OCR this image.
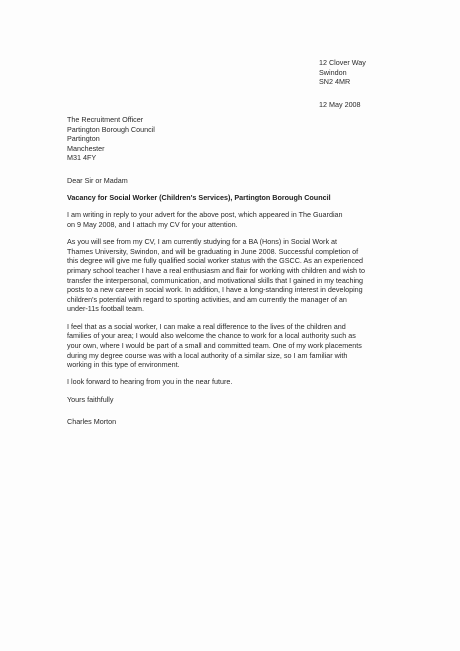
12 Clover Way
Swindon
SN2 4MR
12 May 2008
The Recruitment Officer
Partington Borough Council
Partington
Manchester
M31 4FY
Dear Sir or Madam
Vacancy for Social Worker (Children's Services), Partington Borough Council
I am writing in reply to your advert for the above post, which appeared in The Guardian
on 9 May 2008, and I attach my CV for your attention.
As you will see from my CV, I am currently studying for a BA (Hons) in Social Work at
Thames University, Swindon, and will be graduating in June 2008. Successful completion of
this degree will give me fully qualified social worker status with the GSCC. As an experienced
primary school teacher I have a real enthusiasm and flair for working with children and wish to
transfer the interpersonal, communication, and motivational skills that I gained in my teaching
posts to a new career in social work. In addition, I have a long-standing interest in developing
children's potential with regard to sporting activities, and am currently the manager of an
under-11s football team.
I feel that as a social worker, I can make a real difference to the lives of the children and
families of your area; I would also welcome the chance to work for a local authority such as
your own, where I would be part of a small and committed team. One of my work placements
during my degree course was with a local authority of a similar size, so I am familiar with
working in this type of environment.
I look forward to hearing from you in the near future.
Yours faithfully
Charles Morton
